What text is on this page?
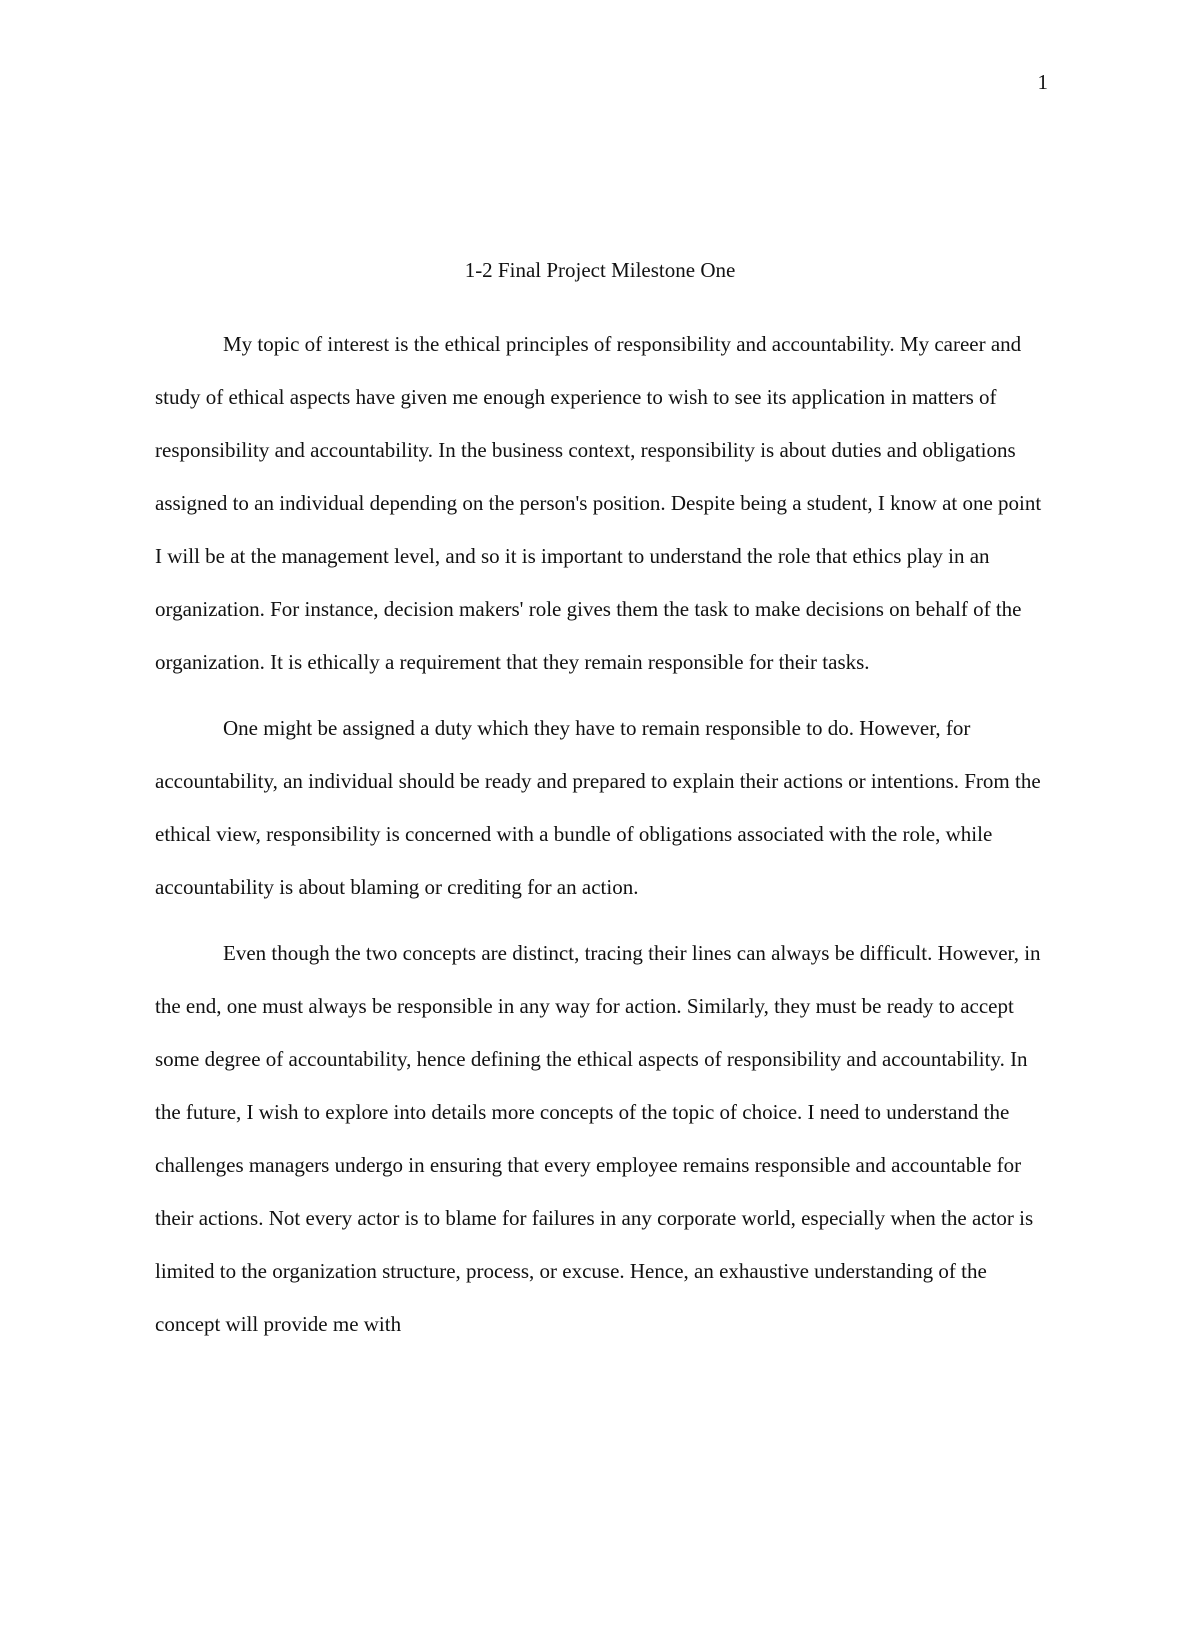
1
1-2 Final Project Milestone One

My topic of interest is the ethical principles of responsibility and accountability. My career and study of ethical aspects have given me enough experience to wish to see its application in matters of responsibility and accountability. In the business context, responsibility is about duties and obligations assigned to an individual depending on the person's position. Despite being a student, I know at one point I will be at the management level, and so it is important to understand the role that ethics play in an organization. For instance, decision makers' role gives them the task to make decisions on behalf of the organization. It is ethically a requirement that they remain responsible for their tasks.

One might be assigned a duty which they have to remain responsible to do. However, for accountability, an individual should be ready and prepared to explain their actions or intentions. From the ethical view, responsibility is concerned with a bundle of obligations associated with the role, while accountability is about blaming or crediting for an action.

Even though the two concepts are distinct, tracing their lines can always be difficult. However, in the end, one must always be responsible in any way for action. Similarly, they must be ready to accept some degree of accountability, hence defining the ethical aspects of responsibility and accountability. In the future, I wish to explore into details more concepts of the topic of choice. I need to understand the challenges managers undergo in ensuring that every employee remains responsible and accountable for their actions. Not every actor is to blame for failures in any corporate world, especially when the actor is limited to the organization structure, process, or excuse. Hence, an exhaustive understanding of the concept will provide me with
